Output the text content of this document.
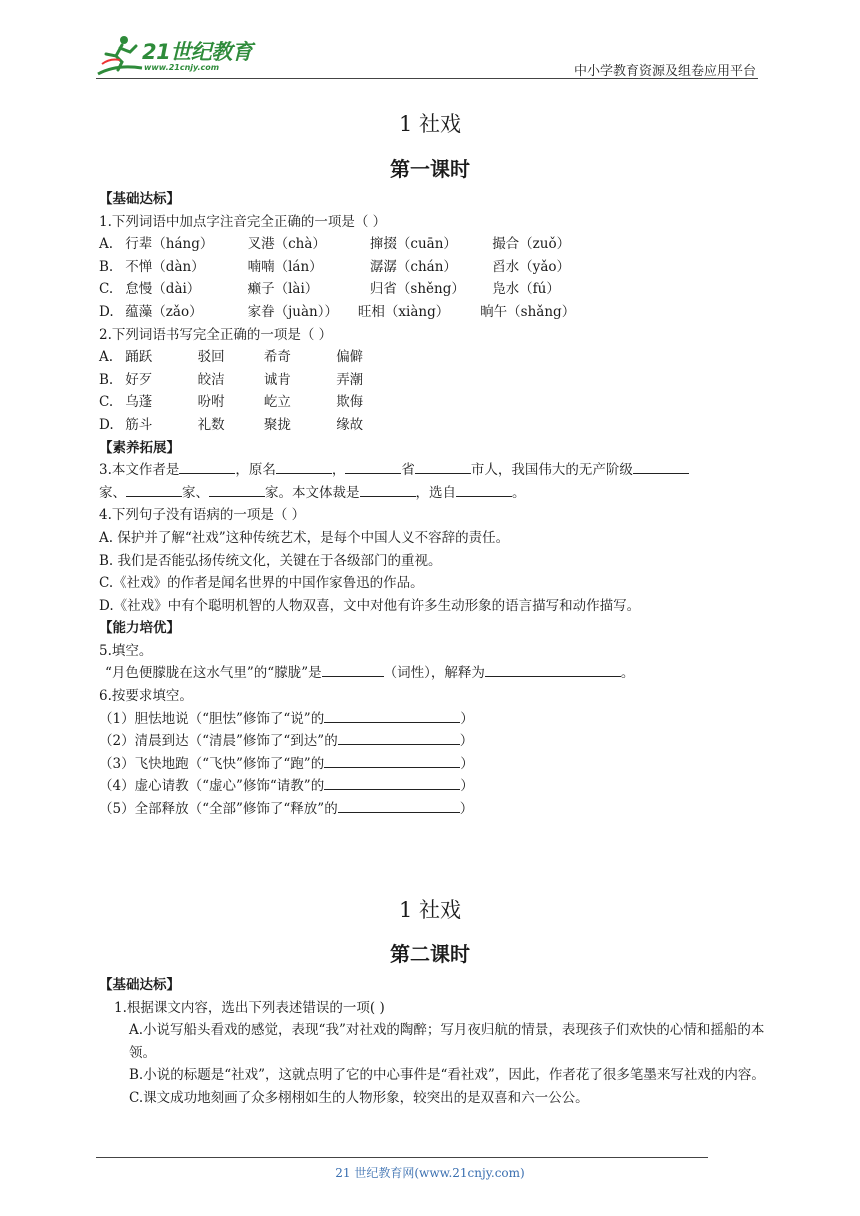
21世纪教育
www.21cnjy.com	中小学教育资源及组卷应用平台
1 社戏
第一课时
【基础达标】
1.下列词语中加点字注音完全正确的一项是（ ）
A. 行辈（háng）	叉港（chà）	撺掇（cuān）	撮合（zuǒ）
B. 不惮（dàn）	喃喃（lán）	潺潺（chán）	舀水（yǎo）
C. 怠慢（dài）	癞子（lài）	归省（shěng） 凫水（fú）
D. 蕴藻（zǎo）	家眷（juàn）） 旺相（xiàng） 晌午（shǎng）
2.下列词语书写完全正确的一项是（ ）
A. 踊跃	驳回	希奇	偏僻
B. 好歹	皎洁	诚肯	弄潮
C. 乌蓬	吩咐	屹立	欺侮
D. 筋斗	礼数	聚拢	缘故
【素养拓展】
3.本文作者是	，原名	，	省	市人，我国伟大的无产阶级
家、	家、	家。本文体裁是	，选自	。
4.下列句子没有语病的一项是（ ）
A. 保护并了解“社戏”这种传统艺术，是每个中国人义不容辞的责任。
B. 我们是否能弘扬传统文化，关键在于各级部门的重视。
C.《社戏》的作者是闻名世界的中国作家鲁迅的作品。
D.《社戏》中有个聪明机智的人物双喜，文中对他有许多生动形象的语言描写和动作描写。
【能力培优】
5.填空。
“月色便朦胧在这水气里”的“朦胧”是	（词性），解释为	。
6.按要求填空。
（1）胆怯地说（“胆怯”修饰了“说”的	）
（2）清晨到达（“清晨”修饰了“到达”的	）
（3）飞快地跑（“飞快”修饰了“跑”的	）
（4）虚心请教（“虚心”修饰“请教”的	）
（5）全部释放（“全部”修饰了“释放”的	）
1 社戏
第二课时
【基础达标】
1.根据课文内容，选出下列表述错误的一项( )

A.小说写船头看戏的感觉，表现“我”对社戏的陶醉；写月夜归航的情景，表现孩子们欢快的心情和摇船的本领。

B.小说的标题是“社戏”，这就点明了它的中心事件是“看社戏”，因此，作者花了很多笔墨来写社戏的内容。

C.课文成功地刻画了众多栩栩如生的人物形象，较突出的是双喜和六一公公。

21 世纪教育网(www.21cnjy.com)
